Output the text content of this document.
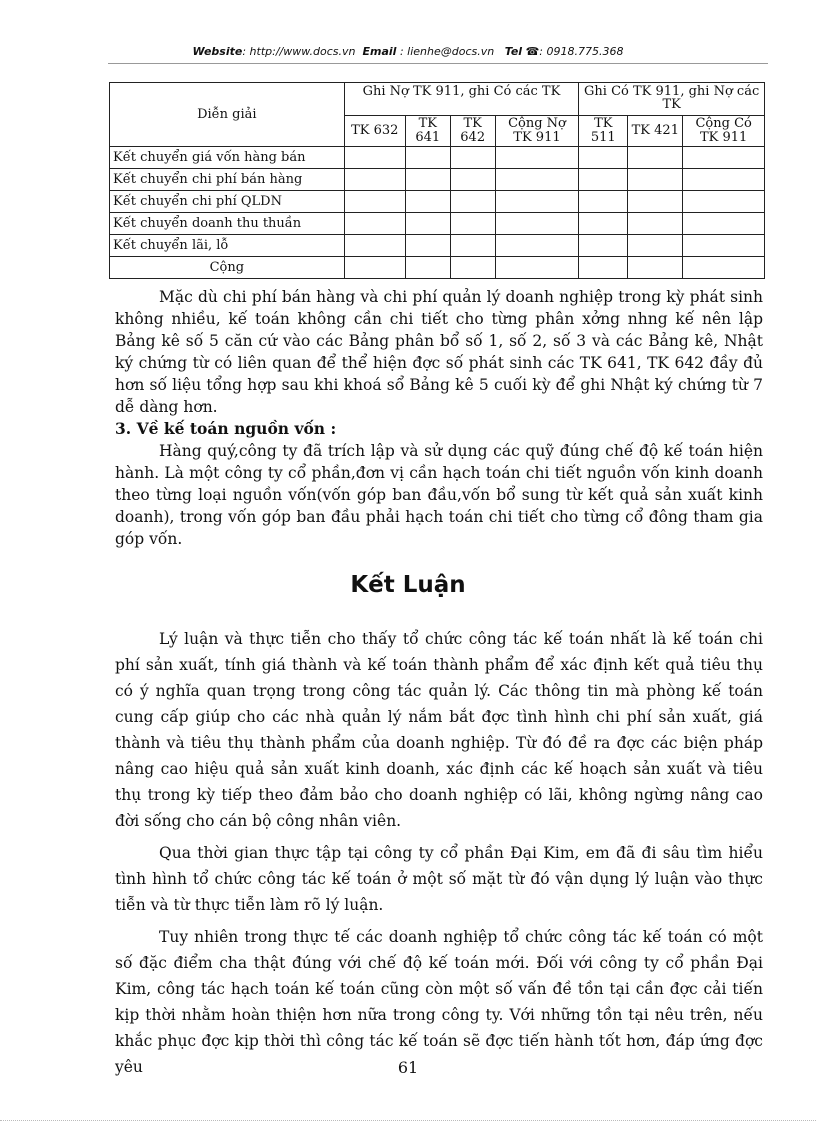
Website: http://www.docs.vn Email : lienhe@docs.vn Tel ☎: 0918.775.368
Diễn giải	Ghi Nợ TK 911, ghi Có các TK				Ghi Có TK 911, ghi Nợ các TK		
	TK 632	TK 641	TK 642	Cộng Nợ TK 911	TK 511	TK 421	Cộng Có TK 911
Kết chuyển giá vốn hàng bán							
Kết chuyển chi phí bán hàng							
Kết chuyển chi phí QLDN							
Kết chuyển doanh thu thuần							
Kết chuyển lãi, lỗ							
Cộng							

Mặc dù chi phí bán hàng và chi phí quản lý doanh nghiệp trong kỳ phát sinh không nhiều, kế toán không cần chi tiết cho từng phân xởng nhng kế nên lập Bảng kê số 5 căn cứ vào các Bảng phân bổ số 1, số 2, số 3 và các Bảng kê, Nhật ký chứng từ có liên quan để thể hiện đợc số phát sinh các TK 641, TK 642 đầy đủ hơn số liệu tổng hợp sau khi khoá sổ Bảng kê 5 cuối kỳ để ghi Nhật ký chứng từ 7 dễ dàng hơn.

3. Về kế toán nguồn vốn :

Hàng quý,công ty đã trích lập và sử dụng các quỹ đúng chế độ kế toán hiện hành. Là một công ty cổ phần,đơn vị cần hạch toán chi tiết nguồn vốn kinh doanh theo từng loại nguồn vốn(vốn góp ban đầu,vốn bổ sung từ kết quả sản xuất kinh doanh), trong vốn góp ban đầu phải hạch toán chi tiết cho từng cổ đông tham gia góp vốn.

Kết Luận

Lý luận và thực tiễn cho thấy tổ chức công tác kế toán nhất là kế toán chi phí sản xuất, tính giá thành và kế toán thành phẩm để xác định kết quả tiêu thụ có ý nghĩa quan trọng trong công tác quản lý. Các thông tin mà phòng kế toán cung cấp giúp cho các nhà quản lý nắm bắt đợc tình hình chi phí sản xuất, giá thành và tiêu thụ thành phẩm của doanh nghiệp. Từ đó đề ra đợc các biện pháp nâng cao hiệu quả sản xuất kinh doanh, xác định các kế hoạch sản xuất và tiêu thụ trong kỳ tiếp theo đảm bảo cho doanh nghiệp có lãi, không ngừng nâng cao đời sống cho cán bộ công nhân viên.

Qua thời gian thực tập tại công ty cổ phần Đại Kim, em đã đi sâu tìm hiểu tình hình tổ chức công tác kế toán ở một số mặt từ đó vận dụng lý luận vào thực tiễn và từ thực tiễn làm rõ lý luận.

Tuy nhiên trong thực tế các doanh nghiệp tổ chức công tác kế toán có một số đặc điểm cha thật đúng với chế độ kế toán mới. Đối với công ty cổ phần Đại Kim, công tác hạch toán kế toán cũng còn một số vấn đề tồn tại cần đợc cải tiến kịp thời nhằm hoàn thiện hơn nữa trong công ty. Với những tồn tại nêu trên, nếu khắc phục đợc kịp thời thì công tác kế toán sẽ đợc tiến hành tốt hơn, đáp ứng đợc yêu	61
